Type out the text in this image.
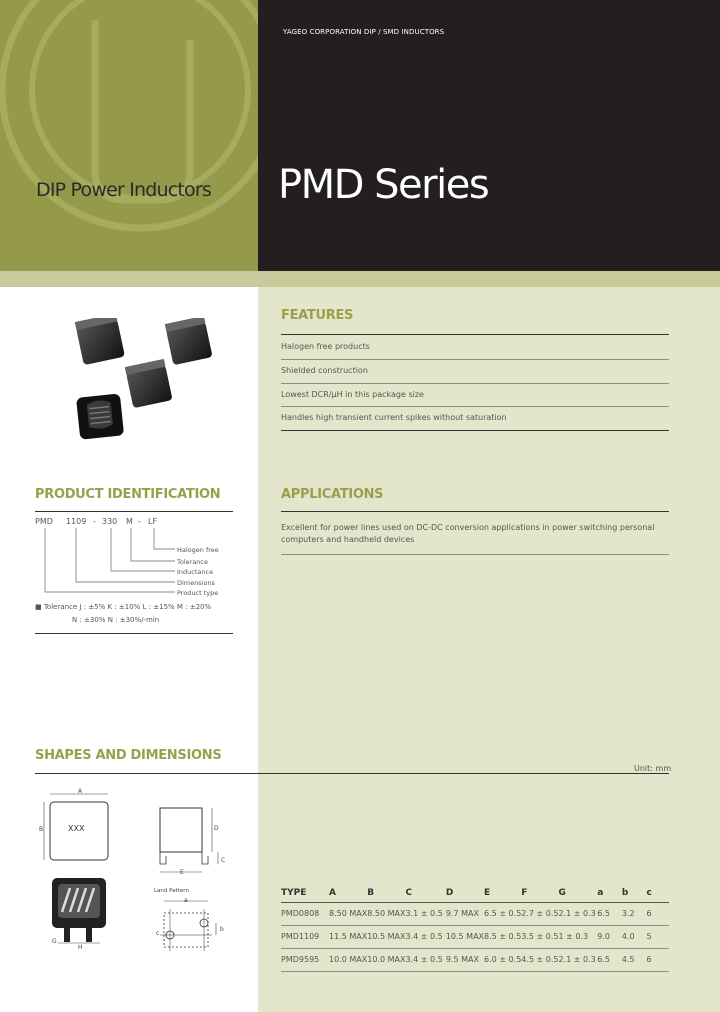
YAGEO CORPORATION DIP / SMD INDUCTORS
PMD Series
DIP Power Inductors
FEATURES
Halogen free products
Shielded construction
Lowest DCR/µH in this package size
Handles high transient current spikes without saturation
APPLICATIONS
Excellent for power lines used on DC-DC conversion applications in power switching personal computers and handheld devices
PRODUCT IDENTIFICATION
PMD 1109 - 330 M - LF
Halogen free
Tolerance
Inductance
Dimensions
Product type
■ Tolerance J : ±5% K : ±10% L : ±15% M : ±20%
N : ±30% N : ±30%/-min
SHAPES AND DIMENSIONS
Unit: mm
A
B	XXX	D
C
E
G
H
Land Pattern
a
c
b
TYPE	A	B	C	D	E	F	G	a	b	c
PMD0808	8.50 MAX	8.50 MAX	3.1 ± 0.5	9.7 MAX	6.5 ± 0.5	2.7 ± 0.5	2.1 ± 0.3	6.5	3.2	6
PMD1109	11.5 MAX	10.5 MAX	3.4 ± 0.5	10.5 MAX	8.5 ± 0.5	3.5 ± 0.5	1 ± 0.3	9.0	4.0	5
PMD9595	10.0 MAX	10.0 MAX	3.4 ± 0.5	9.5 MAX	6.0 ± 0.5	4.5 ± 0.5	2.1 ± 0.3	6.5	4.5	6
